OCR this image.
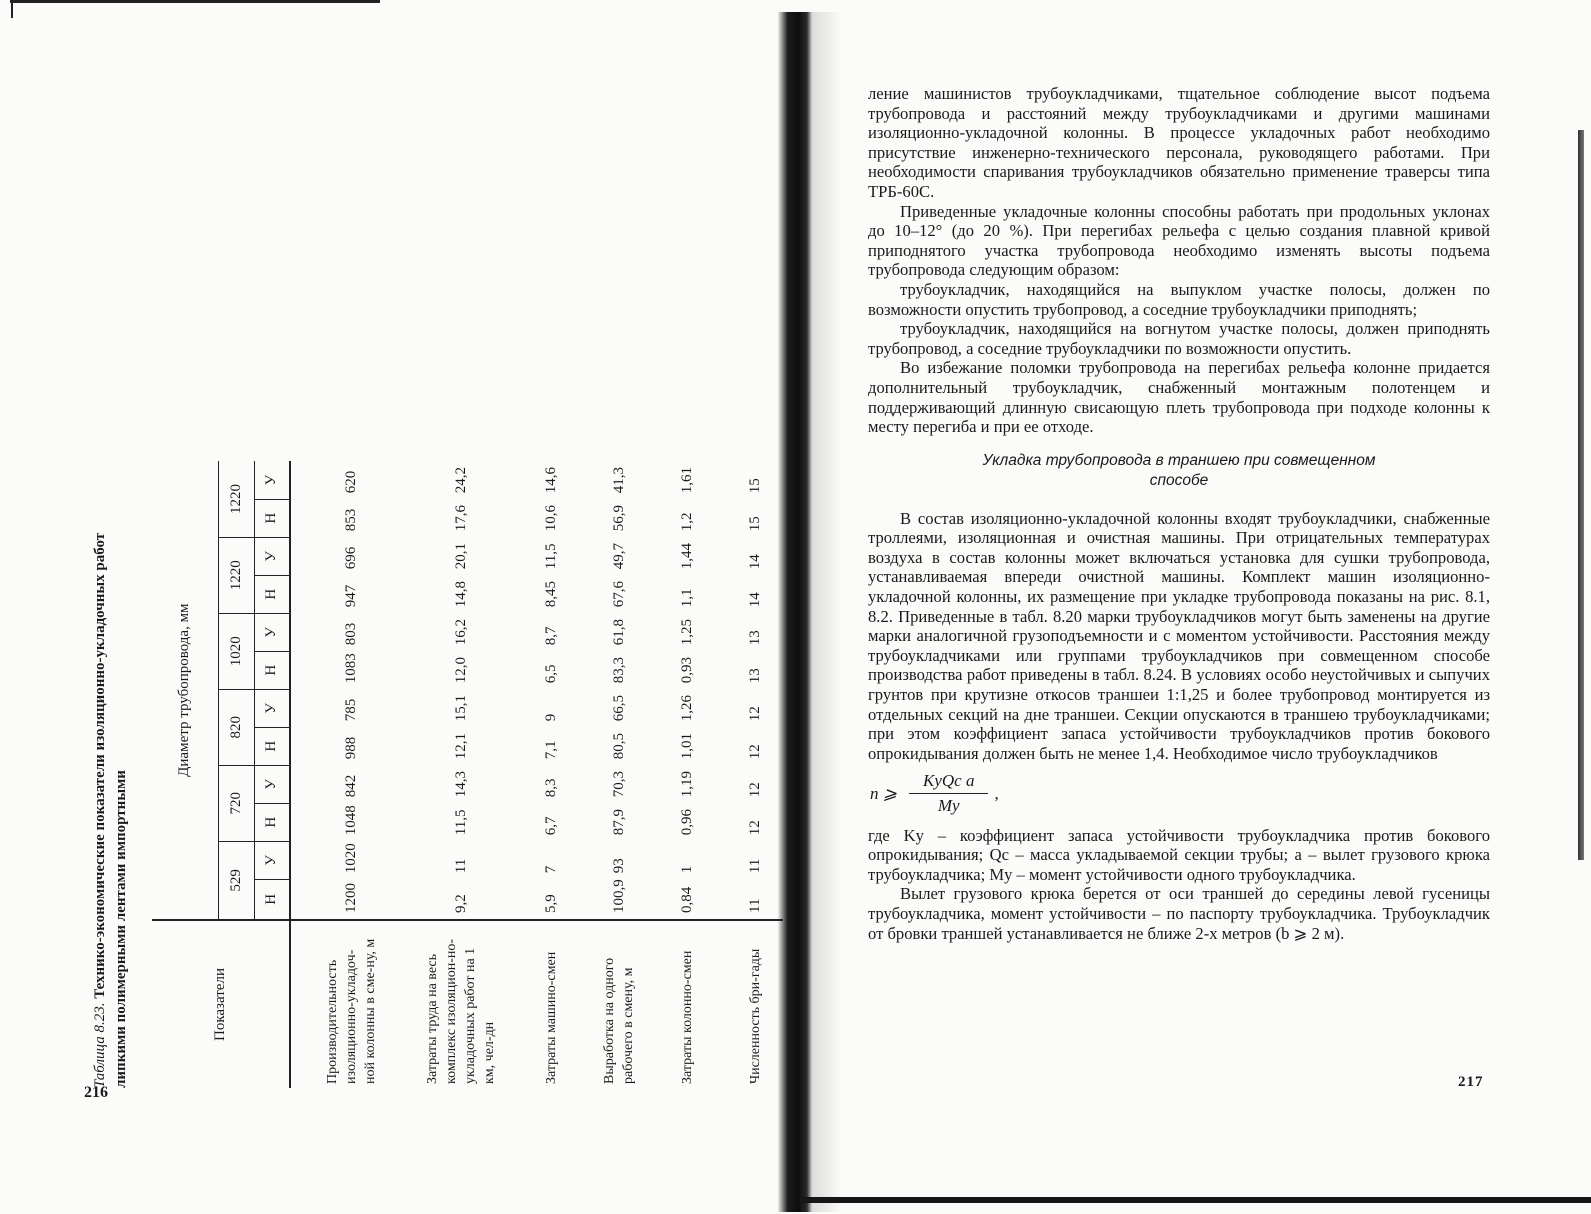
216
Таблица 8.23. Технико-экономические показатели изоляционно-укладочных работ липкими полимерными лентами импортными	Показатели	Диаметр трубопровода, мм											
	529		720		820		1020		1220		1220	
	Н	У	Н	У	Н	У	Н	У	Н	У	Н	У
Производительность изоляционно-укладоч-ной колонны в сме-ну, м	1200	1020	1048	842	988	785	1083	803	947	696	853	620
Затраты труда на весь комплекс изоляцион-но-укладочных работ на 1 км, чел-дн	9,2	11	11,5	14,3	12,1	15,1	12,0	16,2	14,8	20,1	17,6	24,2
Затраты машино-смен	5,9	7	6,7	8,3	7,1	9	6,5	8,7	8,45	11,5	10,6	14,6
Выработка на одного рабочего в смену, м	100,9	93	87,9	70,3	80,5	66,5	83,3	61,8	67,6	49,7	56,9	41,3
Затраты колонно-смен	0,84	1	0,96	1,19	1,01	1,26	0,93	1,25	1,1	1,44	1,2	1,61
Численность бри-гады	11	11	12	12	12	12	13	13	14	14	15	15

ление машинистов трубоукладчиками, тщательное соблюдение высот подъема трубопровода и расстояний между трубоукладчиками и другими машинами изоляционно-укладочной колонны. В процессе укладочных работ необходимо присутствие инженерно-технического персонала, руководящего работами. При необходимости спаривания трубоукладчиков обязательно применение траверсы типа ТРБ-60С.

Приведенные укладочные колонны способны работать при продольных уклонах до 10–12° (до 20 %). При перегибах рельефа с целью создания плавной кривой приподнятого участка трубопровода необходимо изменять высоты подъема трубопровода следующим образом:

трубоукладчик, находящийся на выпуклом участке полосы, должен по возможности опустить трубопровод, а соседние трубоукладчики приподнять;

трубоукладчик, находящийся на вогнутом участке полосы, должен приподнять трубопровод, а соседние трубоукладчики по возможности опустить.

Во избежание поломки трубопровода на перегибах рельефа колонне придается дополнительный трубоукладчик, снабженный монтажным полотенцем и поддерживающий длинную свисающую плеть трубопровода при подходе колонны к месту перегиба и при ее отходе.

Укладка трубопровода в траншею при совмещенном
способе

В состав изоляционно-укладочной колонны входят трубоукладчики, снабженные троллеями, изоляционная и очистная машины. При отрицательных температурах воздуха в состав колонны может включаться установка для сушки трубопровода, устанавливаемая впереди очистной машины. Комплект машин изоляционно-укладочной колонны, их размещение при укладке трубопровода показаны на рис. 8.1, 8.2. Приведенные в табл. 8.20 марки трубоукладчиков могут быть заменены на другие марки аналогичной грузоподъемности и с моментом устойчивости. Расстояния между трубоукладчиками или группами трубоукладчиков при совмещенном способе производства работ приведены в табл. 8.24. В условиях особо неустойчивых и сыпучих грунтов при крутизне откосов траншеи 1:1,25 и более трубопровод монтируется из отдельных секций на дне траншеи. Секции опускаются в траншею трубоукладчиками; при этом коэффициент запаса устойчивости трубоукладчиков против бокового опрокидывания должен быть не менее 1,4. Необходимое число трубоукладчиков

n ⩾ $\frac{\text{KуQс a}}{Mу}$ ,

где Kу – коэффициент запаса устойчивости трубоукладчика против бокового опрокидывания; Qс – масса укладываемой секции трубы; a – вылет грузового крюка трубоукладчика; Mу – момент устойчивости одного трубоукладчика.

Вылет грузового крюка берется от оси траншей до середины левой гусеницы трубоукладчика, момент устойчивости – по паспорту трубоукладчика. Трубоукладчик от бровки траншей устанавливается не ближе 2-х метров (b ⩾ 2 м).

217
